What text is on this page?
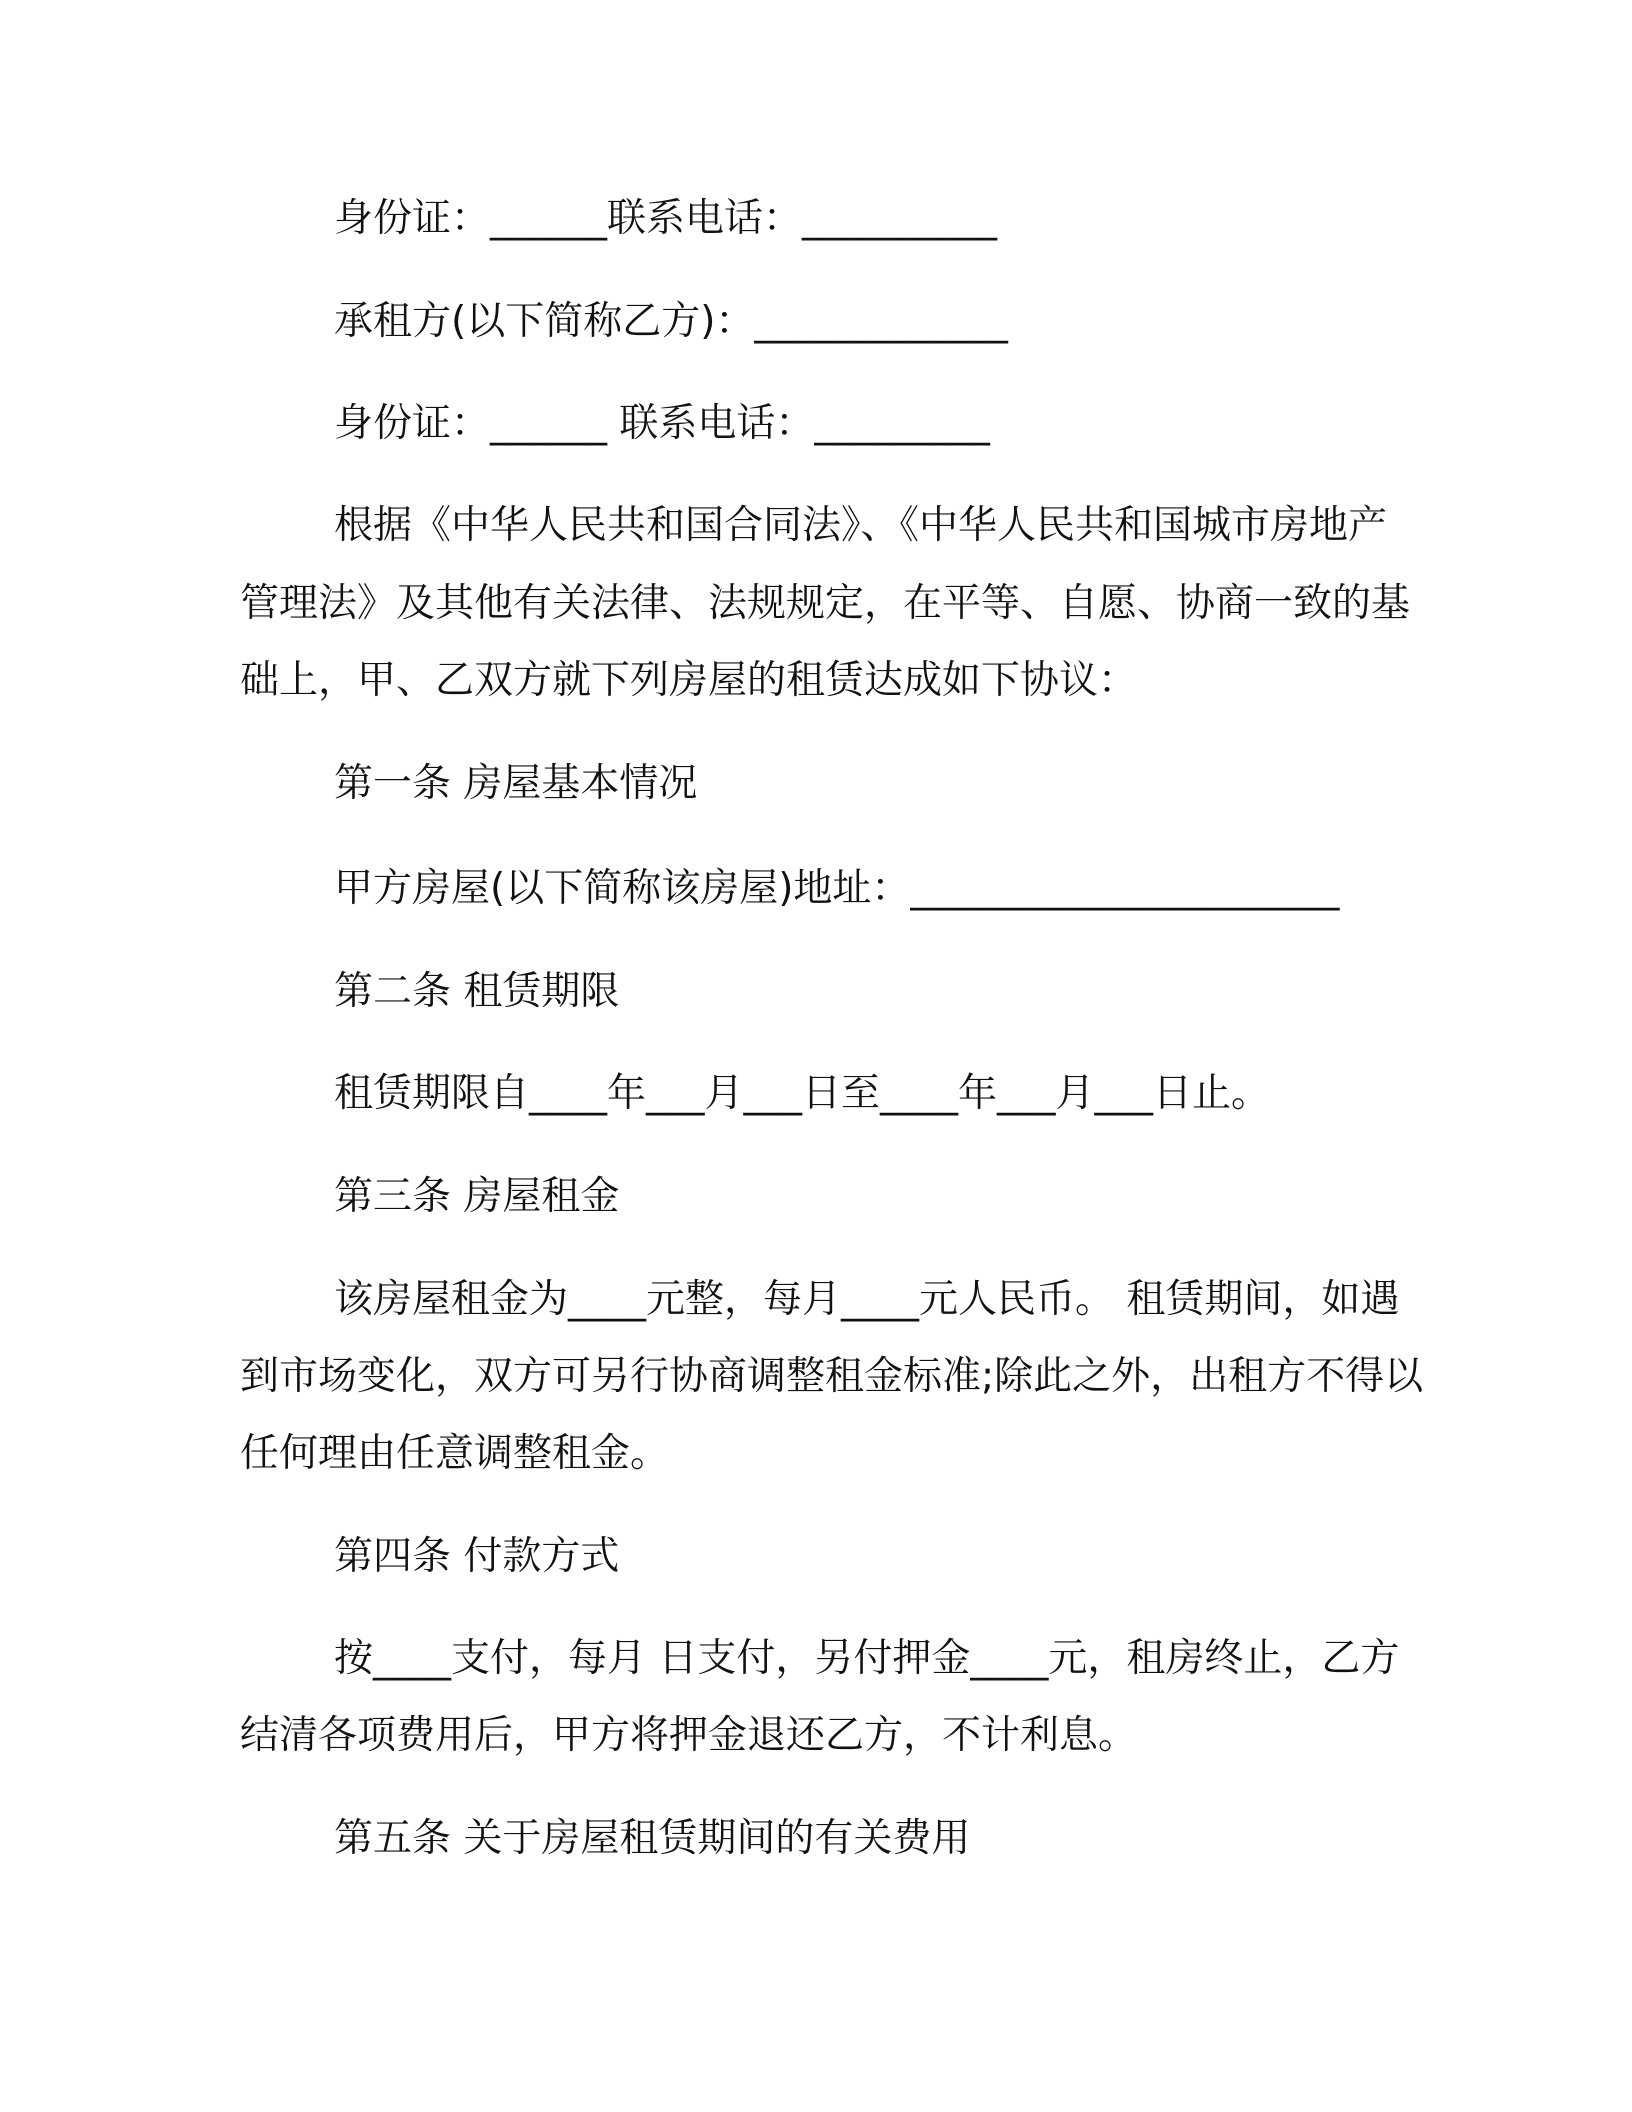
身份证：______联系电话：__________
承租方(以下简称乙方)：_____________
身份证：______ 联系电话：_________
根据《中华人民共和国合同法》、《中华人民共和国城市房地产
管理法》及其他有关法律、法规规定，在平等、自愿、协商一致的基
础上，甲、乙双方就下列房屋的租赁达成如下协议：
第一条 房屋基本情况
甲方房屋(以下简称该房屋)地址：______________________
第二条 租赁期限
租赁期限自____年___月___日至____年___月___日止。
第三条 房屋租金
该房屋租金为____元整，每月____元人民币。 租赁期间，如遇
到市场变化，双方可另行协商调整租金标准;除此之外，出租方不得以
任何理由任意调整租金。
第四条 付款方式
按____支付，每月 日支付，另付押金____元，租房终止，乙方
结清各项费用后，甲方将押金退还乙方，不计利息。
第五条 关于房屋租赁期间的有关费用
